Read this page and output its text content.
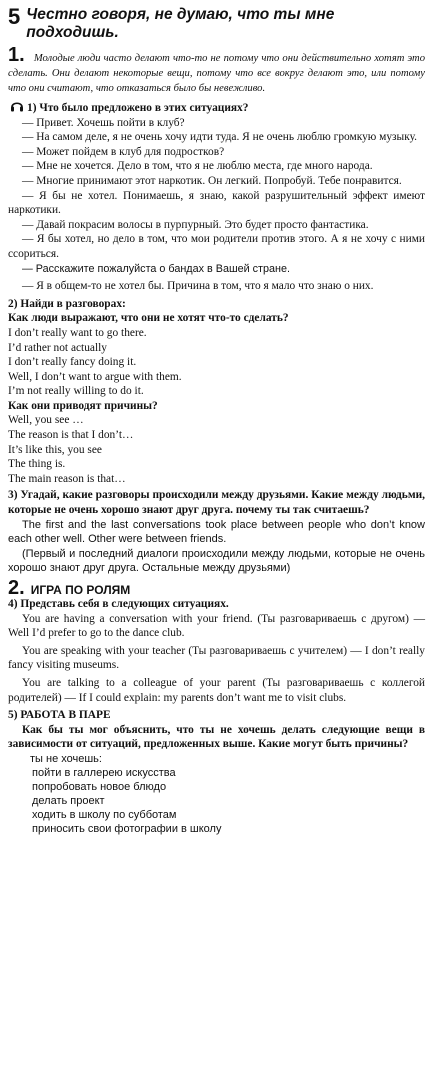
5 Честно говоря, не думаю, что ты мне подходишь.
1. Молодые люди часто делают что-то не потому что они действительно хотят это сделать. Они делают некоторые вещи, потому что все вокруг делают это, или потому что они считают, что отказаться было бы невежливо.
1) Что было предложено в этих ситуациях?
— Привет. Хочешь пойти в клуб?
— На самом деле, я не очень хочу идти туда. Я не очень люблю громкую музыку.
— Может пойдем в клуб для подростков?
— Мне не хочется. Дело в том, что я не люблю места, где много народа.
— Многие принимают этот наркотик. Он легкий. Попробуй. Тебе понравится.
— Я бы не хотел. Понимаешь, я знаю, какой разрушительный эффект имеют наркотики.
— Давай покрасим волосы в пурпурный. Это будет просто фантастика.
— Я бы хотел, но дело в том, что мои родители против этого. А я не хочу с ними ссориться.
— Расскажите пожалуйста о бандах в Вашей стране.
— Я в общем-то не хотел бы. Причина в том, что я мало что знаю о них.
2) Найди в разговорах:
Как люди выражают, что они не хотят что-то сделать?
I don’t really want to go there.
I’d rather not actually
I don’t really fancy doing it.
Well, I don’t want to argue with them.
I’m not really willing to do it.
Как они приводят причины?
Well, you see …
The reason is that I don’t…
It’s like this, you see
The thing is.
The main reason is that…
3) Угадай, какие разговоры происходили между друзьями. Какие между людьми, которые не очень хорошо знают друг друга. почему ты так считаешь?
The first and the last conversations took place between people who don’t know each other well. Other were between friends.
(Первый и последний диалоги происходили между людьми, которые не очень хорошо знают друг друга. Остальные между друзьями)
2. ИГРА ПО РОЛЯМ
4) Представь себя в следующих ситуациях.
You are having a conversation with your friend. (Ты разговариваешь с другом) — Well I’d prefer to go to the dance club.
You are speaking with your teacher (Ты разговариваешь с учителем) — I don’t really fancy visiting museums.
You are talking to a colleague of your parent (Ты разговариваешь с коллегой родителей) — If I could explain: my parents don’t want me to visit clubs.
5) РАБОТА В ПАРЕ
Как бы ты мог объяснить, что ты не хочешь делать следующие вещи в зависимости от ситуаций, предложенных выше. Какие могут быть причины?
ты не хочешь:
пойти в галлерею искусства
попробовать новое блюдо
делать проект
ходить в школу по субботам
приносить свои фотографии в школу
